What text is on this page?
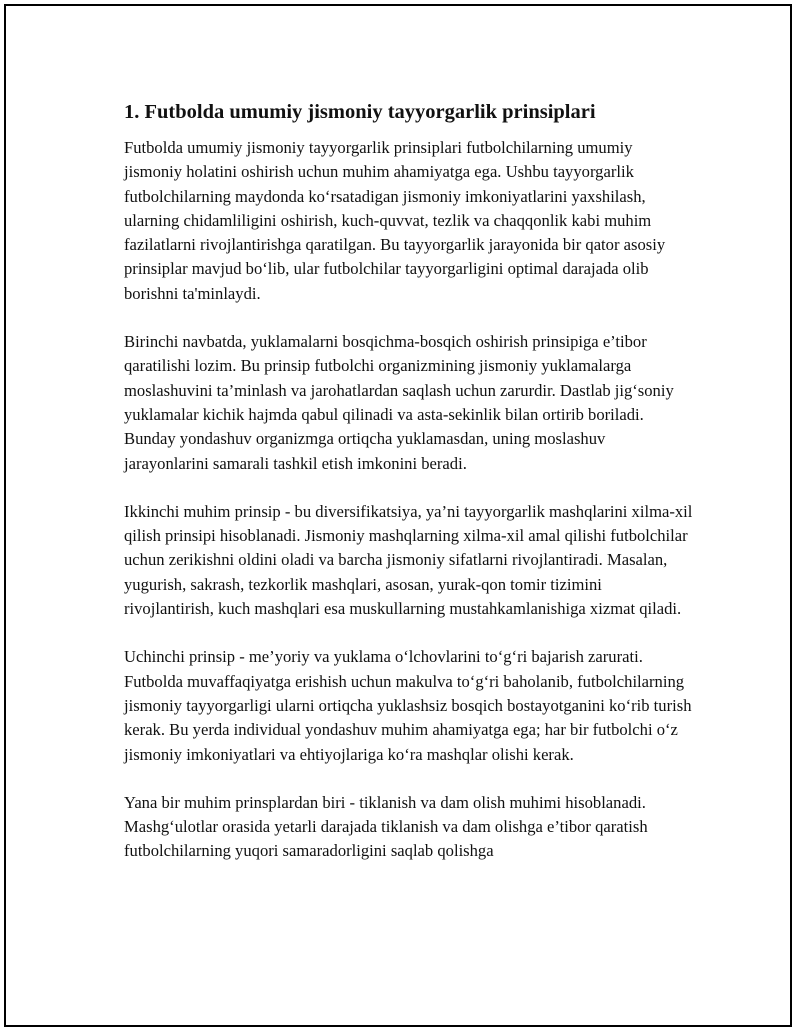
1. Futbolda umumiy jismoniy tayyorgarlik prinsiplari

Futbolda umumiy jismoniy tayyorgarlik prinsiplari futbolchilarning umumiy jismoniy holatini oshirish uchun muhim ahamiyatga ega. Ushbu tayyorgarlik futbolchilarning maydonda ko‘rsatadigan jismoniy imkoniyatlarini yaxshilash, ularning chidamliligini oshirish, kuch-quvvat, tezlik va chaqqonlik kabi muhim fazilatlarni rivojlantirishga qaratilgan. Bu tayyorgarlik jarayonida bir qator asosiy prinsiplar mavjud bo‘lib, ular futbolchilar tayyorgarligini optimal darajada olib borishni ta'minlaydi.

Birinchi navbatda, yuklamalarni bosqichma-bosqich oshirish prinsipiga e’tibor qaratilishi lozim. Bu prinsip futbolchi organizmining jismoniy yuklamalarga moslashuvini ta’minlash va jarohatlardan saqlash uchun zarurdir. Dastlab jig‘soniy yuklamalar kichik hajmda qabul qilinadi va asta-sekinlik bilan ortirib boriladi. Bunday yondashuv organizmga ortiqcha yuklamasdan, uning moslashuv jarayonlarini samarali tashkil etish imkonini beradi.

Ikkinchi muhim prinsip - bu diversifikatsiya, ya’ni tayyorgarlik mashqlarini xilma-xil qilish prinsipi hisoblanadi. Jismoniy mashqlarning xilma-xil amal qilishi futbolchilar uchun zerikishni oldini oladi va barcha jismoniy sifatlarni rivojlantiradi. Masalan, yugurish, sakrash, tezkorlik mashqlari, asosan, yurak-qon tomir tizimini rivojlantirish, kuch mashqlari esa muskullarning mustahkamlanishiga xizmat qiladi.

Uchinchi prinsip - me’yoriy va yuklama o‘lchovlarini to‘g‘ri bajarish zarurati. Futbolda muvaffaqiyatga erishish uchun makulva to‘g‘ri baholanib, futbolchilarning jismoniy tayyorgarligi ularni ortiqcha yuklashsiz bosqich bostayotganini ko‘rib turish kerak. Bu yerda individual yondashuv muhim ahamiyatga ega; har bir futbolchi o‘z jismoniy imkoniyatlari va ehtiyojlariga ko‘ra mashqlar olishi kerak.

Yana bir muhim prinsplardan biri - tiklanish va dam olish muhimi hisoblanadi. Mashg‘ulotlar orasida yetarli darajada tiklanish va dam olishga e’tibor qaratish futbolchilarning yuqori samaradorligini saqlab qolishga
